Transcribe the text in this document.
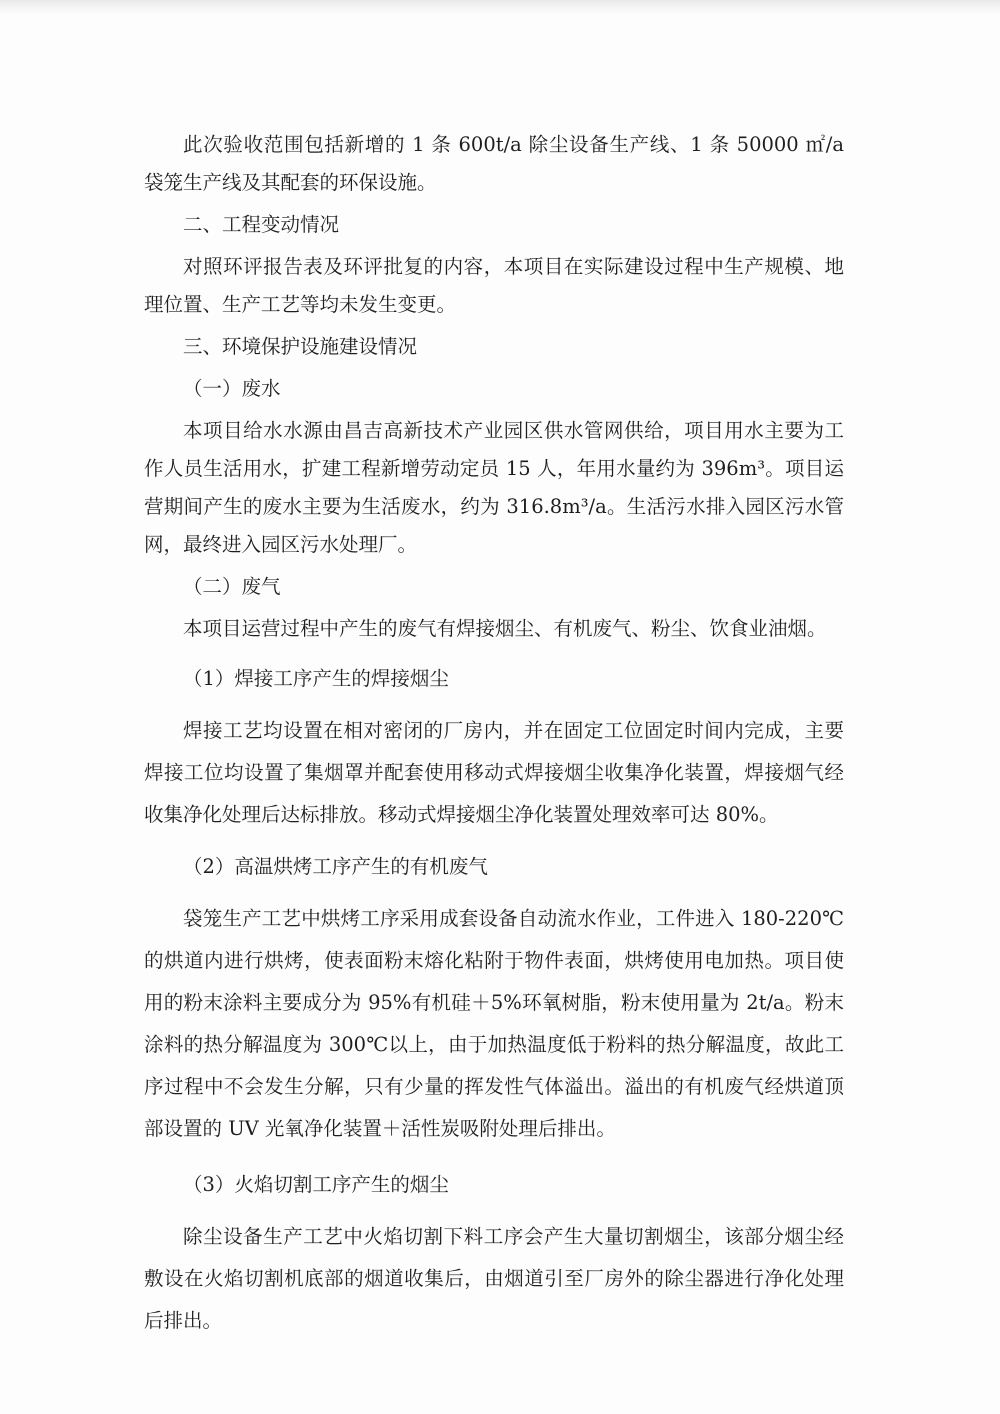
此次验收范围包括新增的 1 条 600t/a 除尘设备生产线、1 条 50000 ㎡/a 袋笼生产线及其配套的环保设施。

二、工程变动情况

对照环评报告表及环评批复的内容，本项目在实际建设过程中生产规模、地理位置、生产工艺等均未发生变更。

三、环境保护设施建设情况

（一）废水

本项目给水水源由昌吉高新技术产业园区供水管网供给，项目用水主要为工作人员生活用水，扩建工程新增劳动定员 15 人，年用水量约为 396m³。项目运营期间产生的废水主要为生活废水，约为 316.8m³/a。生活污水排入园区污水管网，最终进入园区污水处理厂。

（二）废气

本项目运营过程中产生的废气有焊接烟尘、有机废气、粉尘、饮食业油烟。

（1）焊接工序产生的焊接烟尘

焊接工艺均设置在相对密闭的厂房内，并在固定工位固定时间内完成，主要焊接工位均设置了集烟罩并配套使用移动式焊接烟尘收集净化装置，焊接烟气经收集净化处理后达标排放。移动式焊接烟尘净化装置处理效率可达 80%。

（2）高温烘烤工序产生的有机废气

袋笼生产工艺中烘烤工序采用成套设备自动流水作业，工件进入 180-220℃的烘道内进行烘烤，使表面粉末熔化粘附于物件表面，烘烤使用电加热。项目使用的粉末涂料主要成分为 95%有机硅＋5%环氧树脂，粉末使用量为 2t/a。粉末涂料的热分解温度为 300℃以上，由于加热温度低于粉料的热分解温度，故此工序过程中不会发生分解，只有少量的挥发性气体溢出。溢出的有机废气经烘道顶部设置的 UV 光氧净化装置＋活性炭吸附处理后排出。

（3）火焰切割工序产生的烟尘

除尘设备生产工艺中火焰切割下料工序会产生大量切割烟尘，该部分烟尘经敷设在火焰切割机底部的烟道收集后，由烟道引至厂房外的除尘器进行净化处理后排出。
